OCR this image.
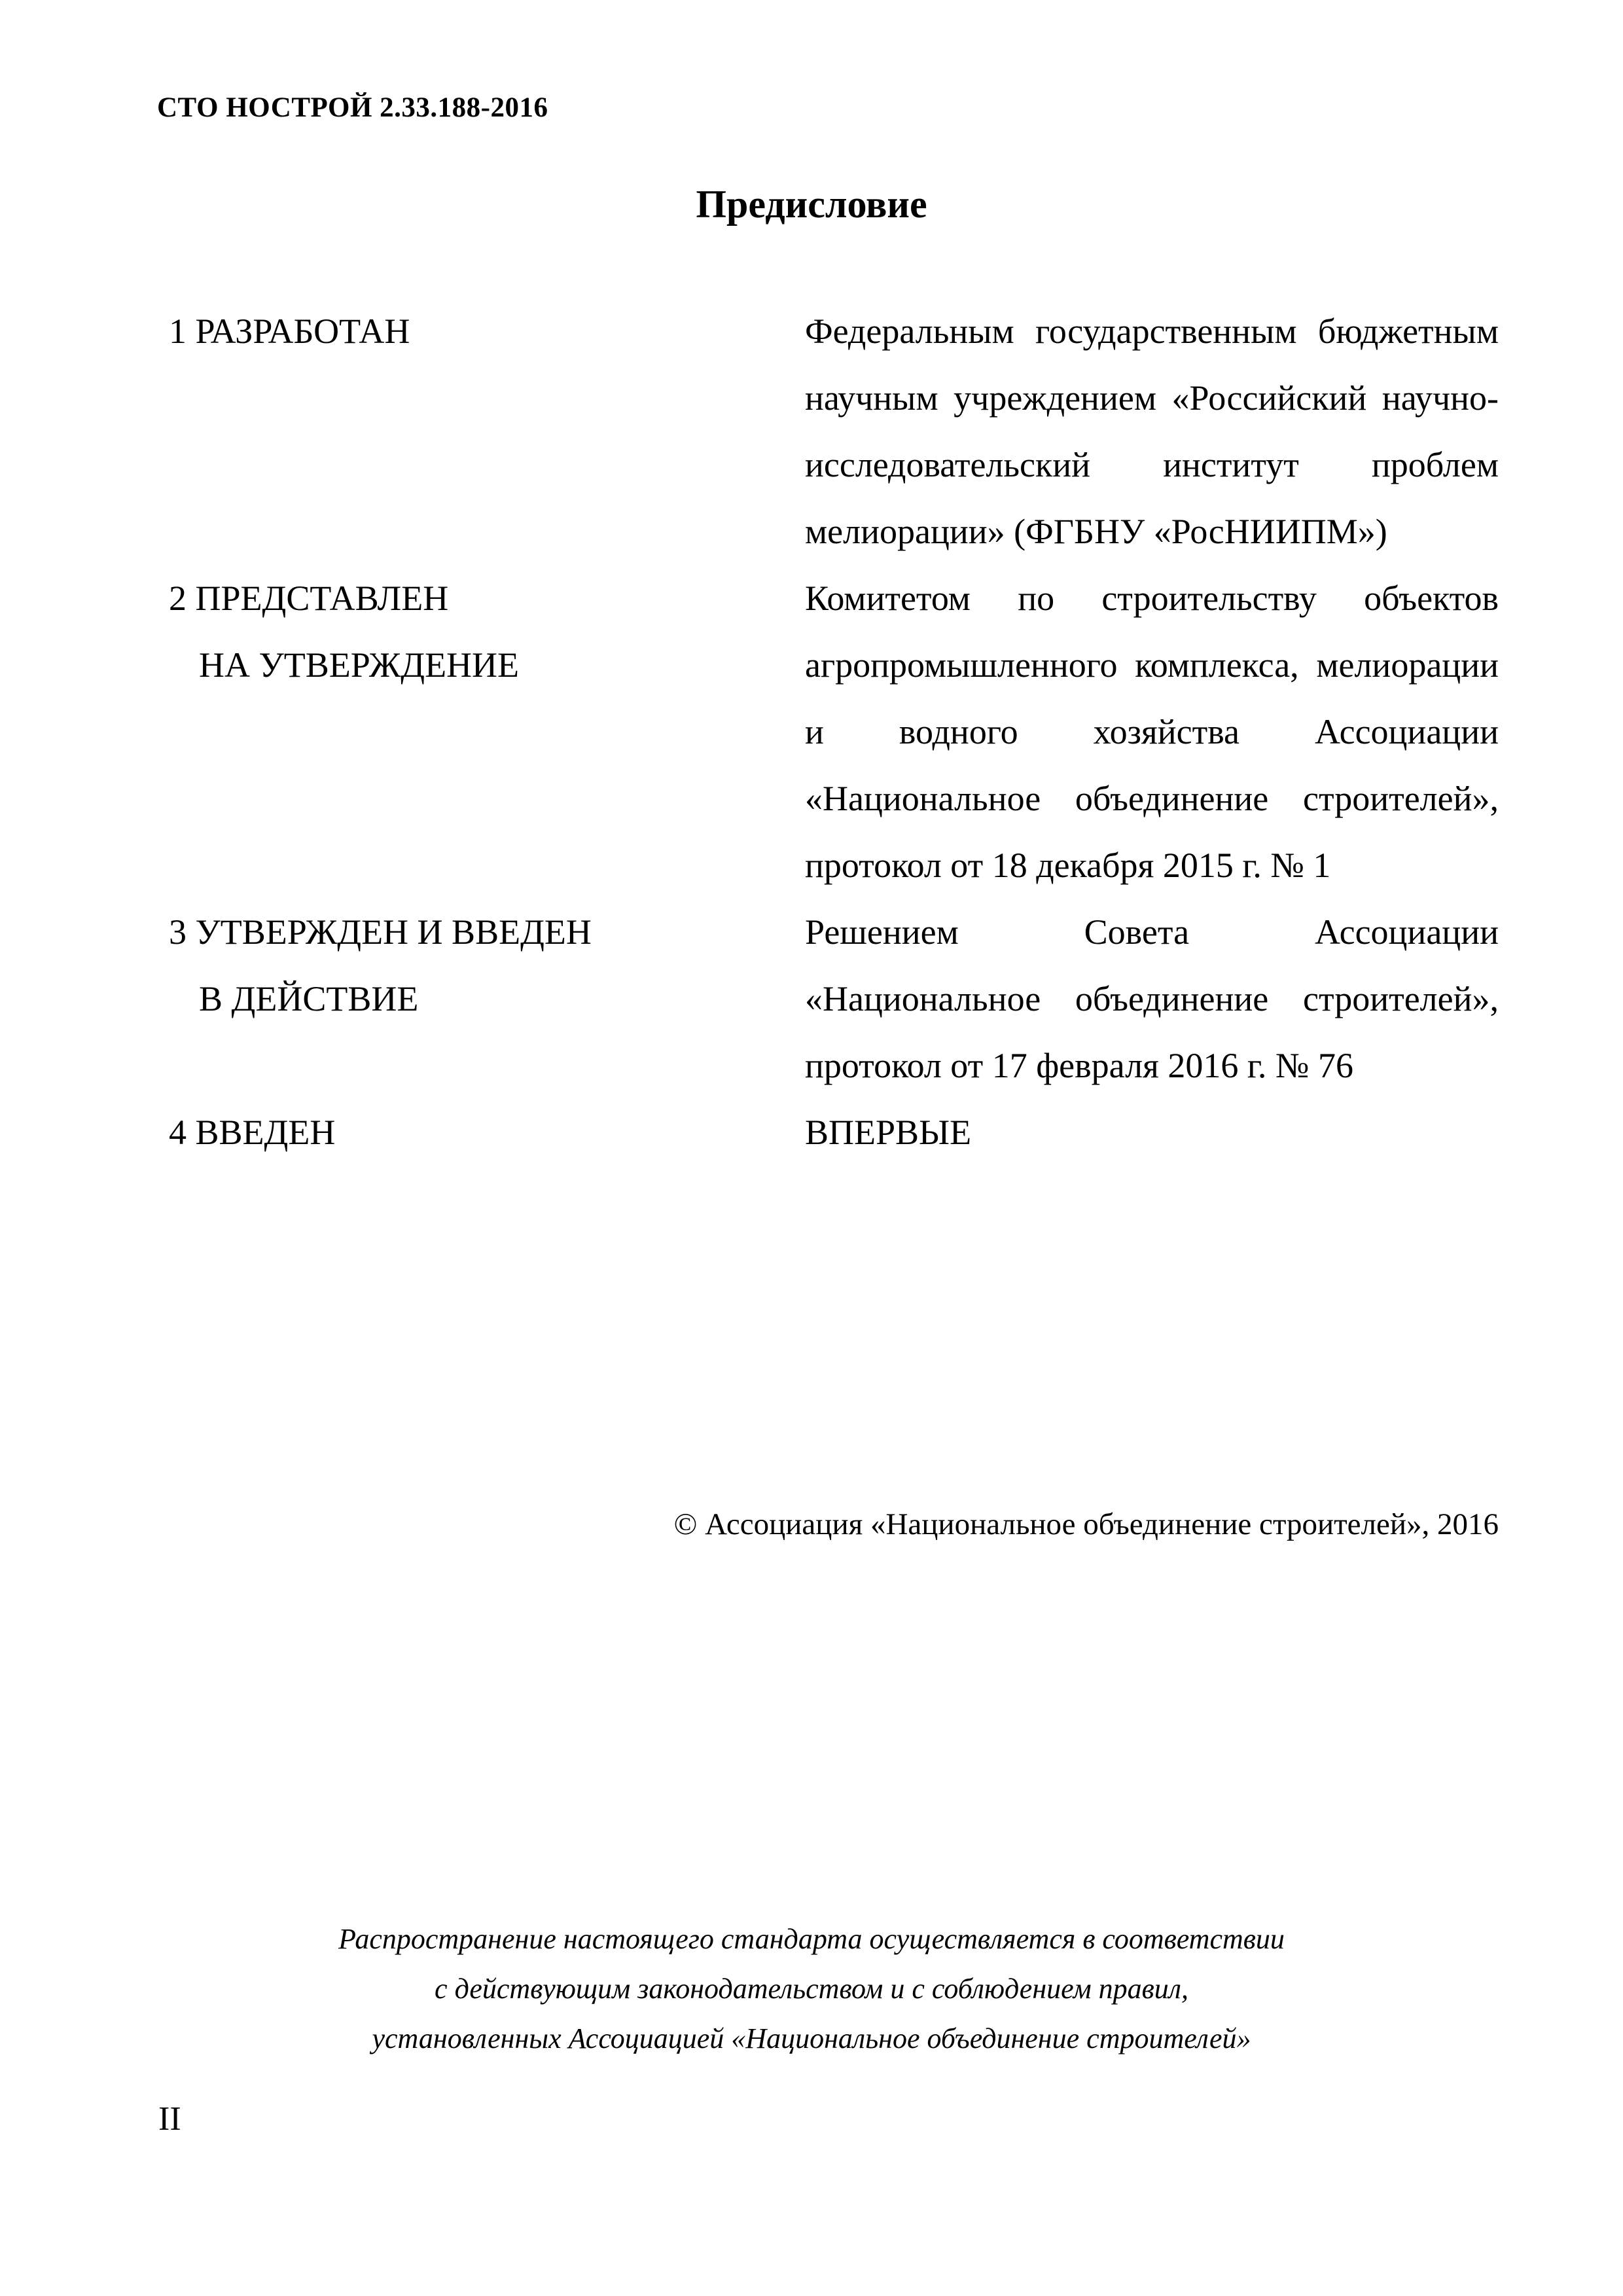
СТО НОСТРОЙ 2.33.188-2016
Предисловие
1 РАЗРАБОТАН	Федеральным государственным бюджетным научным учреждением «Российский научно-исследовательский институт проблем мелиорации» (ФГБНУ «РосНИИПМ»)
2 ПРЕДСТАВЛЕН
НА УТВЕРЖДЕНИЕ
Комитетом по строительству объектов агропромышленного комплекса, мелиорации и водного хозяйства Ассоциации «Национальное объединение строителей», протокол от 18 декабря 2015 г. № 1
3 УТВЕРЖДЕН И ВВЕДЕН
В ДЕЙСТВИЕ
Решением Совета Ассоциации «Национальное объединение строителей», протокол от 17 февраля 2016 г. № 76
4 ВВЕДЕН	ВПЕРВЫЕ
© Ассоциация «Национальное объединение строителей», 2016
Распространение настоящего стандарта осуществляется в соответствии
с действующим законодательством и с соблюдением правил,
установленных Ассоциацией «Национальное объединение строителей»
II
